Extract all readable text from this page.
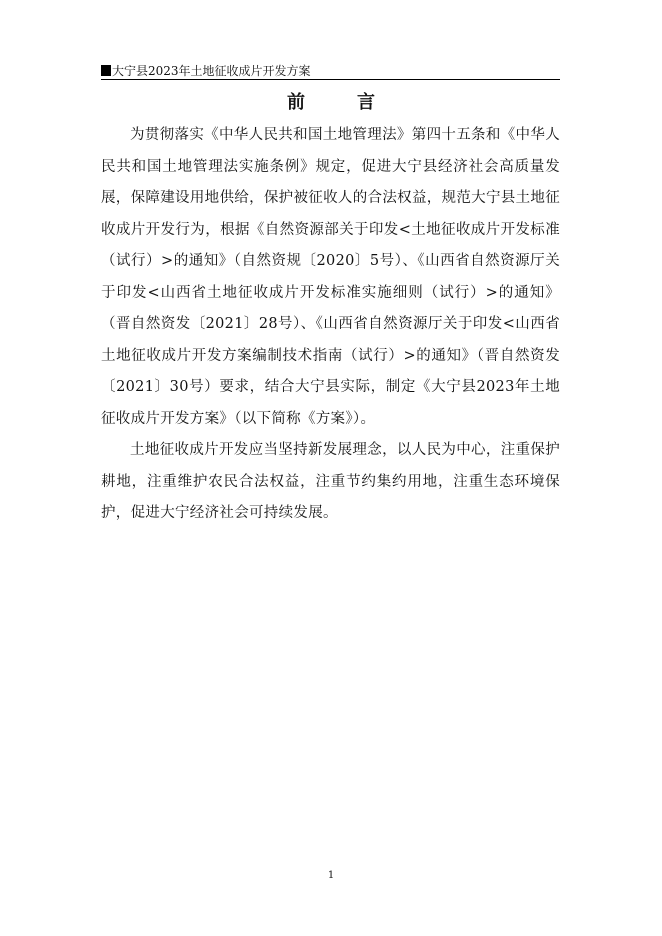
大宁县2023年土地征收成片开发方案
前言

为贯彻落实《中华人民共和国土地管理法》第四十五条和《中华人民共和国土地管理法实施条例》规定，促进大宁县经济社会高质量发展，保障建设用地供给，保护被征收人的合法权益，规范大宁县土地征收成片开发行为，根据《自然资源部关于印发<土地征收成片开发标准（试行）>的通知》（自然资规〔2020〕5号）、《山西省自然资源厅关于印发<山西省土地征收成片开发标准实施细则（试行）>的通知》（晋自然资发〔2021〕28号）、《山西省自然资源厅关于印发<山西省土地征收成片开发方案编制技术指南（试行）>的通知》（晋自然资发〔2021〕30号）要求，结合大宁县实际，制定《大宁县2023年土地征收成片开发方案》（以下简称《方案》）。

土地征收成片开发应当坚持新发展理念，以人民为中心，注重保护耕地，注重维护农民合法权益，注重节约集约用地，注重生态环境保护，促进大宁经济社会可持续发展。

1
